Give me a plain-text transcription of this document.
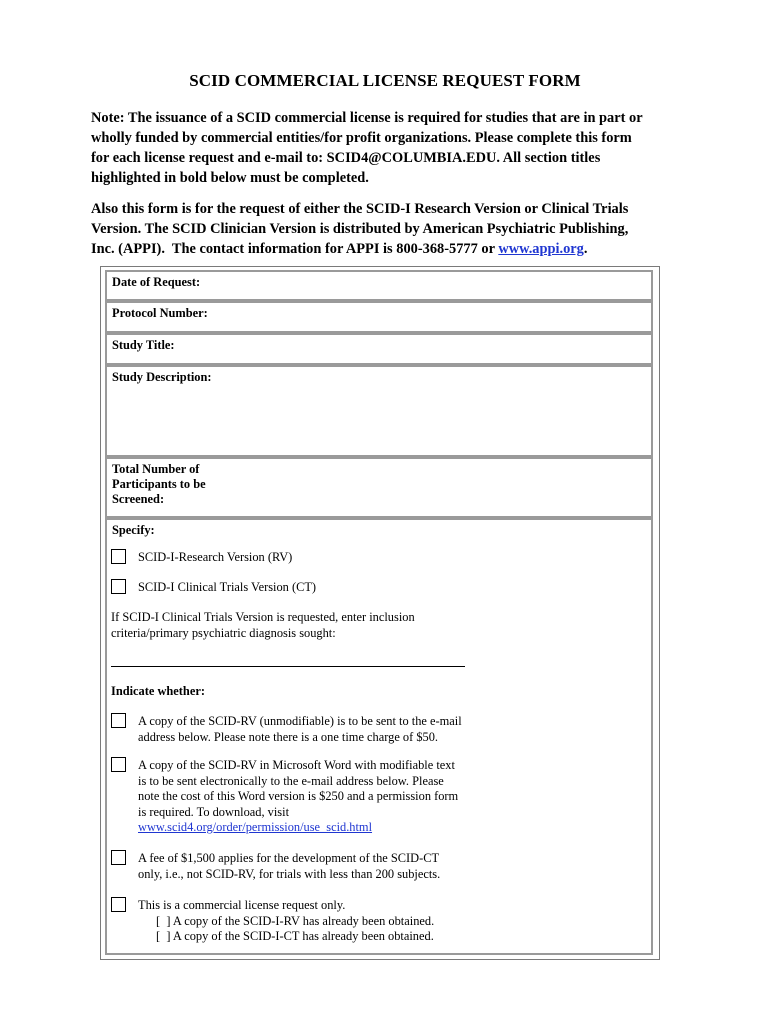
SCID COMMERCIAL LICENSE REQUEST FORM
Note: The issuance of a SCID commercial license is required for studies that are in part or
wholly funded by commercial entities/for profit organizations. Please complete this form
for each license request and e-mail to: SCID4@COLUMBIA.EDU. All section titles
highlighted in bold below must be completed.
Also this form is for the request of either the SCID-I Research Version or Clinical Trials
Version. The SCID Clinician Version is distributed by American Psychiatric Publishing,
Inc. (APPI).  The contact information for APPI is 800-368-5777 or www.appi.org.
Date of Request:
Protocol Number:
Study Title:
Study Description:
Total Number of
Participants to be
Screened:
Specify:
SCID-I-Research Version (RV)
SCID-I Clinical Trials Version (CT)
If SCID-I Clinical Trials Version is requested, enter inclusion
criteria/primary psychiatric diagnosis sought:
Indicate whether:
A copy of the SCID-RV (unmodifiable) is to be sent to the e-mail
address below. Please note there is a one time charge of $50.
A copy of the SCID-RV in Microsoft Word with modifiable text
is to be sent electronically to the e-mail address below. Please
note the cost of this Word version is $250 and a permission form
is required. To download, visit
www.scid4.org/order/permission/use_scid.html
A fee of $1,500 applies for the development of the SCID-CT
only, i.e., not SCID-RV, for trials with less than 200 subjects.
This is a commercial license request only.
[  ] A copy of the SCID-I-RV has already been obtained.
[  ] A copy of the SCID-I-CT has already been obtained.
